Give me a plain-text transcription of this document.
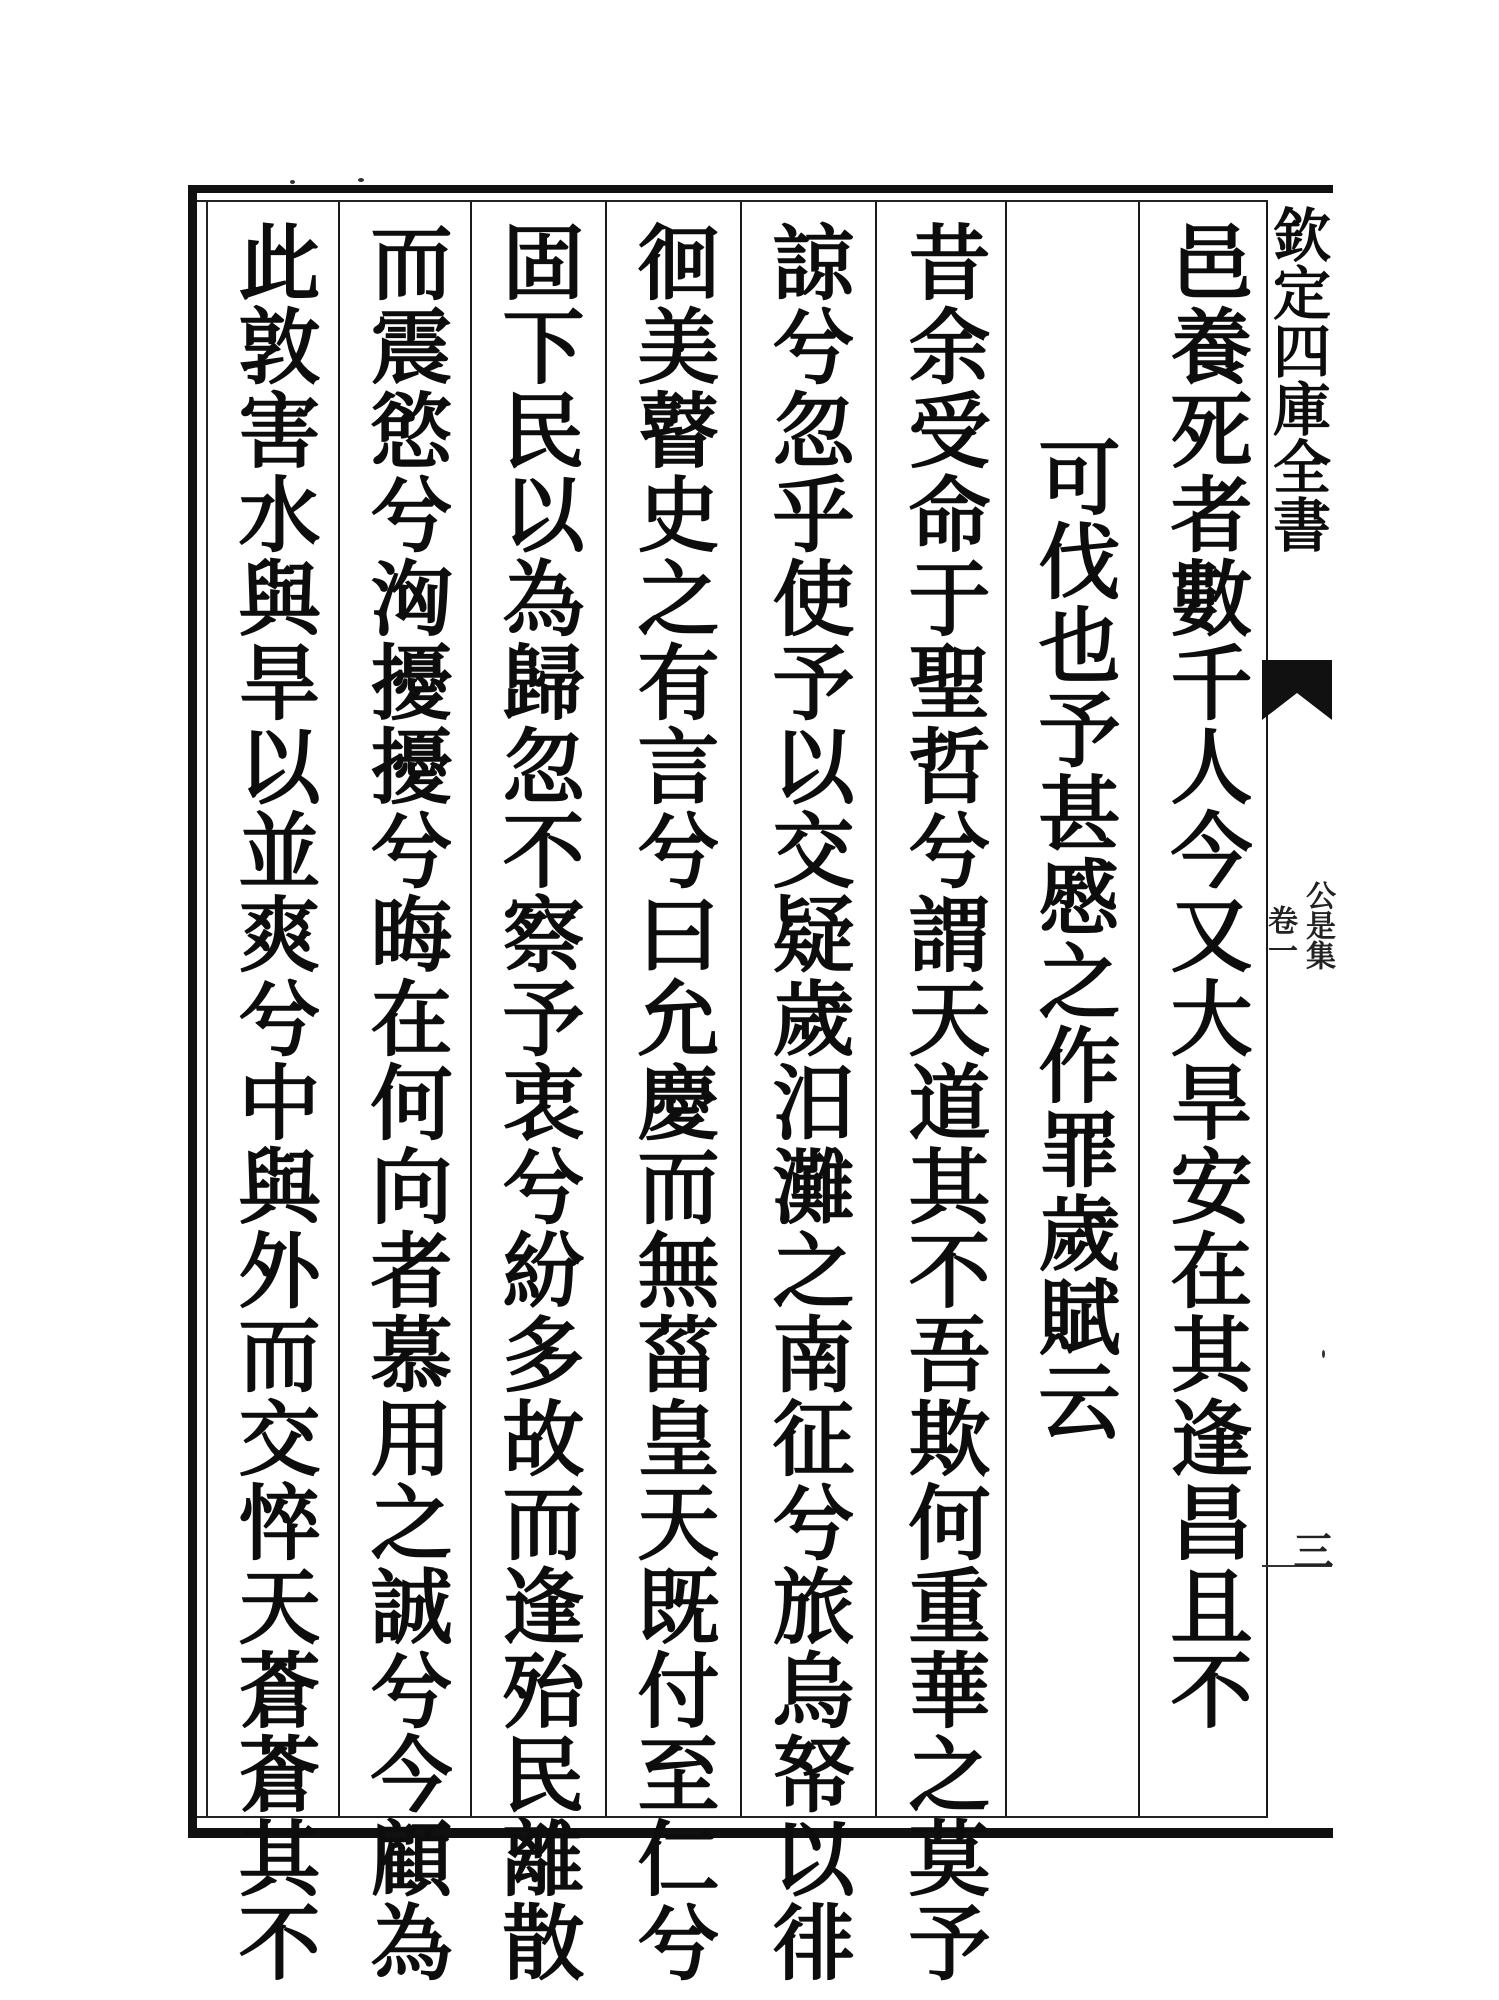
邑養死者數千人今又大旱安在其逢昌且不
可伐也予甚慼之作罪歲賦云
昔余受命于聖哲兮謂天道其不吾欺何重華之莫予
諒兮忽乎使予以交疑歲汨灘之南征兮旅烏帑以徘
徊美瞽史之有言兮曰允慶而無菑皇天既付至仁兮
固下民以為歸忽不察予衷兮紛多故而逢殆民離散
而震慾兮洶擾擾兮晦在何向者慕用之誠兮今顧為
此敦害水與旱以並爽兮中與外而交悴天蒼蒼其不	欽定四庫全書
公是集
卷一
三
